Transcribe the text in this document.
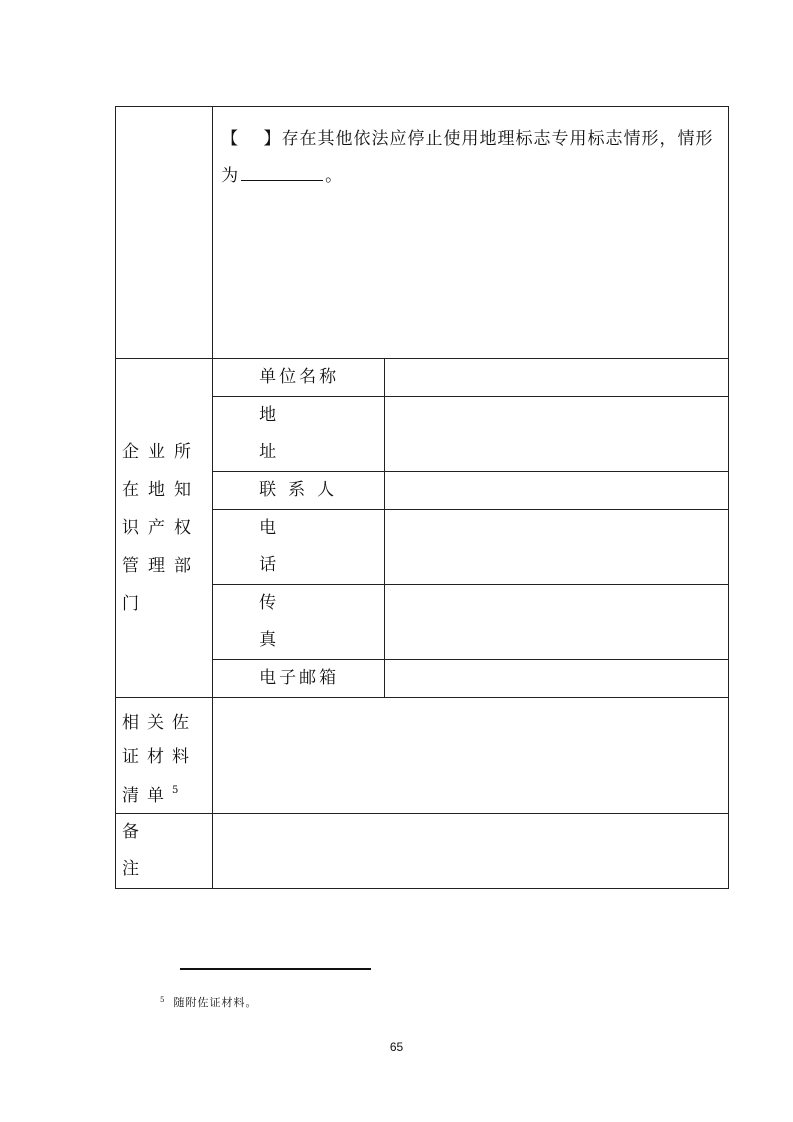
	【　 】存在其他依法应停止使用地理标志专用标志情形，情形为 。	

企业所在地知识产权管理部门	单位名称	

	地　　址	

	联系人	

	电　　话	

	传　　真	

	电子邮箱	

相关佐证材料清单$^5$

备注		

$^5$ 随附佐证材料。
65
